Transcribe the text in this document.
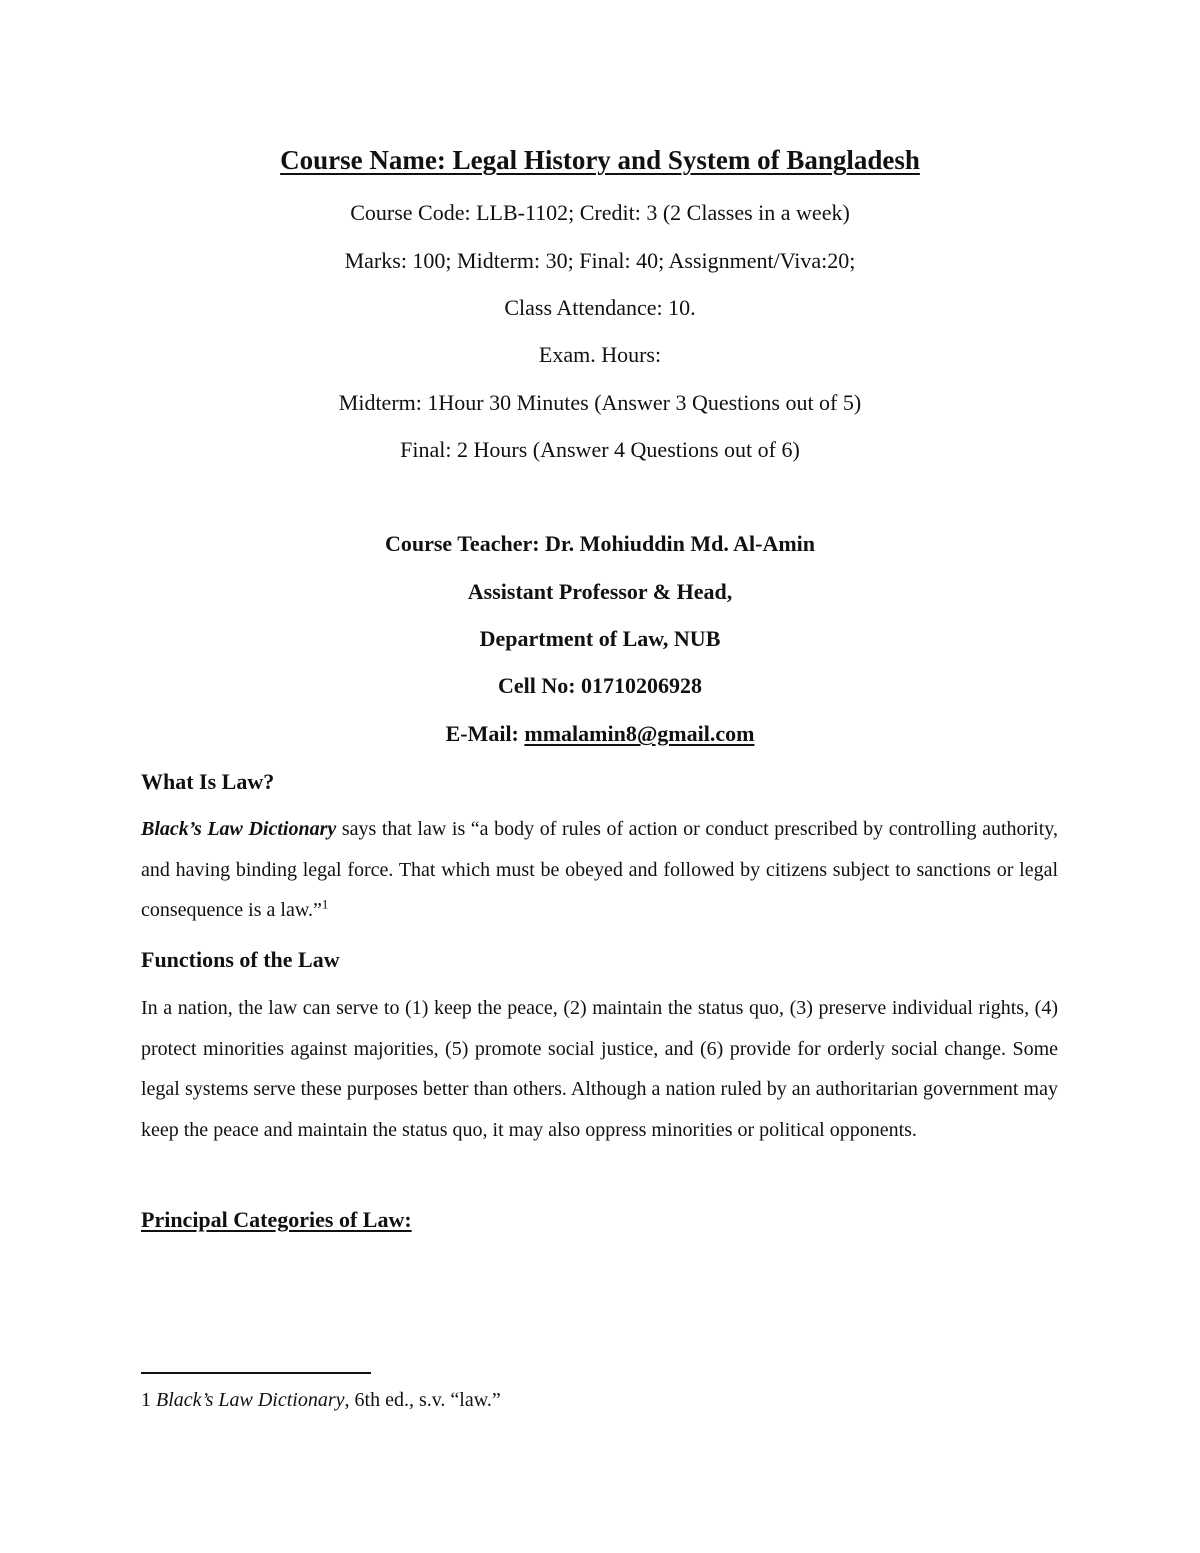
Course Name: Legal History and System of Bangladesh
Course Code: LLB-1102; Credit: 3 (2 Classes in a week)
Marks: 100; Midterm: 30; Final: 40; Assignment/Viva:20;
Class Attendance: 10.
Exam. Hours:
Midterm: 1Hour 30 Minutes (Answer 3 Questions out of 5)
Final: 2 Hours (Answer 4 Questions out of 6)
Course Teacher: Dr. Mohiuddin Md. Al-Amin
Assistant Professor & Head,
Department of Law, NUB
Cell No: 01710206928
E-Mail: mmalamin8@gmail.com
What Is Law?
Black’s Law Dictionary says that law is “a body of rules of action or conduct prescribed by controlling authority, and having binding legal force. That which must be obeyed and followed by citizens subject to sanctions or legal consequence is a law.”$^1$
Functions of the Law
In a nation, the law can serve to (1) keep the peace, (2) maintain the status quo, (3) preserve individual rights, (4) protect minorities against majorities, (5) promote social justice, and (6) provide for orderly social change. Some legal systems serve these purposes better than others. Although a nation ruled by an authoritarian government may keep the peace and maintain the status quo, it may also oppress minorities or political opponents.
Principal Categories of Law:
1 Black’s Law Dictionary, 6th ed., s.v. “law.”
